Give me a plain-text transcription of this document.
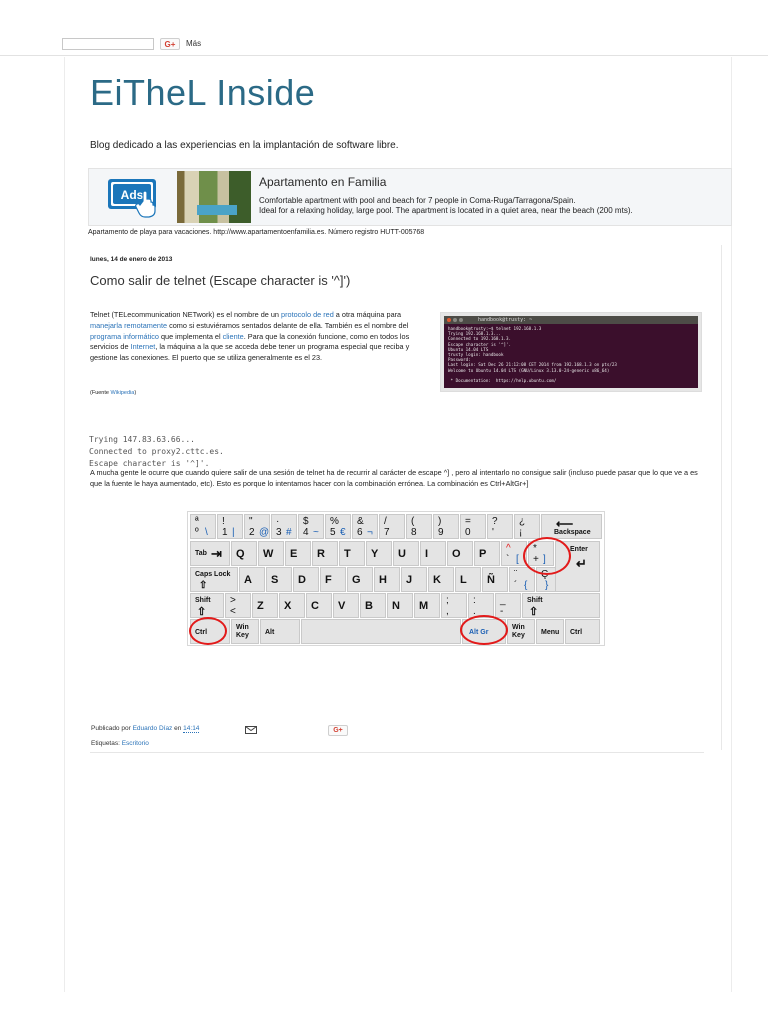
G+	Más
EiTheL Inside
Blog dedicado a las experiencias en la implantación de software libre.
Ads
Apartamento en Familia
Comfortable apartment with pool and beach for 7 people in Coma-Ruga/Tarragona/Spain.
Ideal for a relaxing holiday, large pool. The apartment is located in a quiet area, near the beach (200 mts).
Apartamento de playa para vacaciones. http://www.apartamentoenfamilia.es. Número registro HUTT-005768
lunes, 14 de enero de 2013
Como salir de telnet (Escape character is '^]')
Telnet (TELecommunication NETwork) es el nombre de un protocolo de red a otra máquina para manejarla remotamente como si estuviéramos sentados delante de ella. También es el nombre del programa informático que implementa el cliente. Para que la conexión funcione, como en todos los servicios de Internet, la máquina a la que se acceda debe tener un programa especial que reciba y gestione las conexiones. El puerto que se utiliza generalmente es el 23.
handbook@trusty: ~
handbook@trusty:~$ telnet 192.168.1.3
Trying 192.168.1.3...
Connected to 192.168.1.3.
Escape character is '^]'.
Ubuntu 14.04 LTS
trusty login: handbook
Password:
Last login: Sat Dec 26 21:12:08 CET 2014 from 192.168.1.3 on pts/23
Welcome to Ubuntu 14.04 LTS (GNU/Linux 3.13.0-24-generic x86_64)

* Documentation:  https://help.ubuntu.com/
(Fuente Wikipedia)

Trying 147.83.63.66...
Connected to proxy2.cttc.es.
Escape character is '^]'.

A mucha gente le ocurre que cuando quiere salir de una sesión de telnet ha de recurrir al carácter de escape ^] , pero al intentarlo no consigue salir (incluso puede pasar que lo que ve a es que la fuente le haya aumentado, etc). Esto es porque lo intentamos hacer con la combinación errónea. La combinación es Ctrl+AltGr+]
ª
º \
!
1 |
"
2 @
·
3 #
$
4 ~
%
5 €
&
6 ¬
/
7
(
8
)
9
=
0
?
'
¿
¡
⟵
Backspace
Tab ⇥ Q W E R T Y U I O P ^
` [
*
+ ]
Enter
↵
Caps Lock
⇧	A S D F G H J K L Ñ ¨
´ {
Ç
}
Shift
⇧
>
< Z X C V B N M ;
,
:
.
_
-
Shift
⇧
Ctrl
Win Key	Alt	Alt Gr
Win Key	Menu Ctrl
Publicado por Eduardo Díaz en 14:14	G+
Etiquetas: Escritorio
